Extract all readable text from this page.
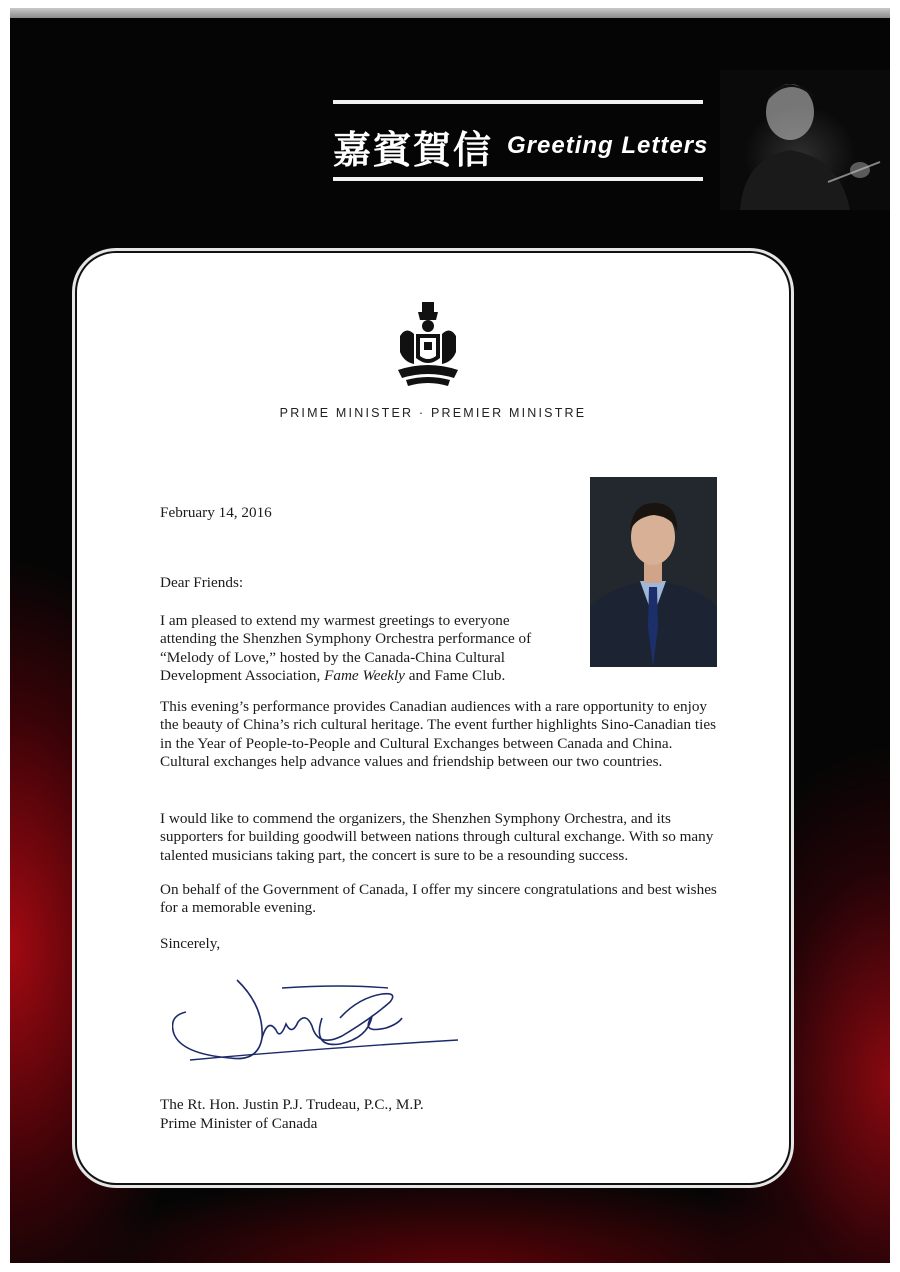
嘉賓賀信 Greeting Letters
PRIME MINISTER · PREMIER MINISTRE
February 14, 2016
Dear Friends:
I am pleased to extend my warmest greetings to everyone attending the Shenzhen Symphony Orchestra performance of “Melody of Love,” hosted by the Canada-China Cultural Development Association, Fame Weekly and Fame Club.
This evening’s performance provides Canadian audiences with a rare opportunity to enjoy the beauty of China’s rich cultural heritage. The event further highlights Sino-Canadian ties in the Year of People-to-People and Cultural Exchanges between Canada and China. Cultural exchanges help advance values and friendship between our two countries.
I would like to commend the organizers, the Shenzhen Symphony Orchestra, and its supporters for building goodwill between nations through cultural exchange. With so many talented musicians taking part, the concert is sure to be a resounding success.
On behalf of the Government of Canada, I offer my sincere congratulations and best wishes for a memorable evening.
Sincerely,
The Rt. Hon. Justin P.J. Trudeau, P.C., M.P.
Prime Minister of Canada
